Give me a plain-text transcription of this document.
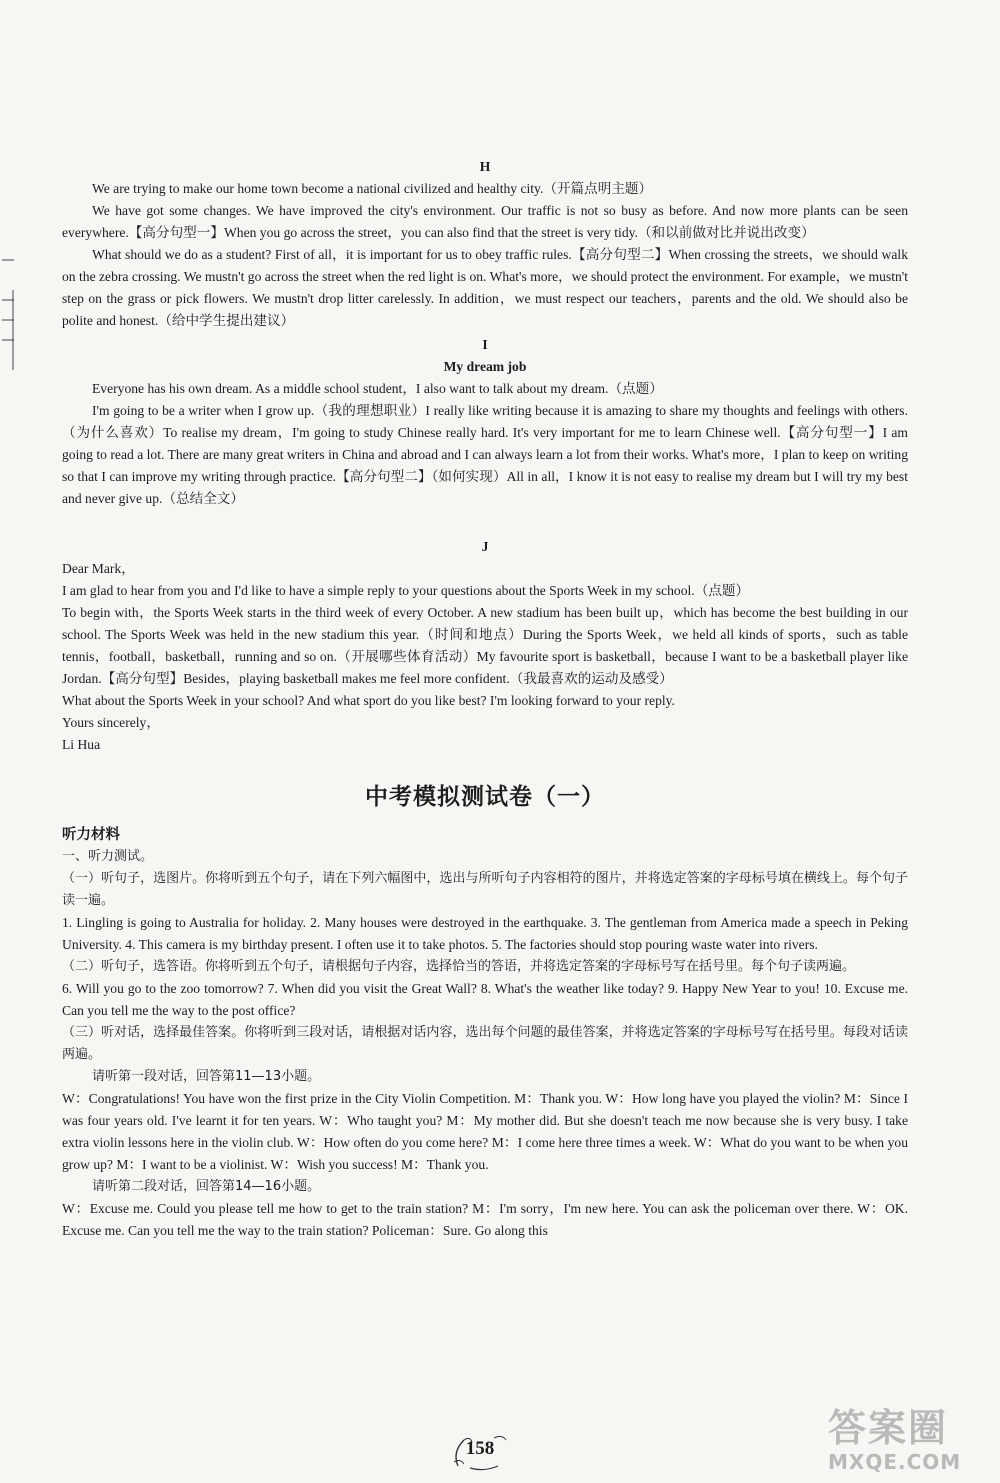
H

We are trying to make our home town become a national civilized and healthy city.（开篇点明主题）

We have got some changes. We have improved the city's environment. Our traffic is not so busy as before. And now more plants can be seen everywhere.【高分句型一】When you go across the street，you can also find that the street is very tidy.（和以前做对比并说出改变）

What should we do as a student? First of all，it is important for us to obey traffic rules.【高分句型二】When crossing the streets，we should walk on the zebra crossing. We mustn't go across the street when the red light is on. What's more，we should protect the environment. For example，we mustn't step on the grass or pick flowers. We mustn't drop litter carelessly. In addition，we must respect our teachers，parents and the old. We should also be polite and honest.（给中学生提出建议）

I

My dream job

Everyone has his own dream. As a middle school student，I also want to talk about my dream.（点题）

I'm going to be a writer when I grow up.（我的理想职业）I really like writing because it is amazing to share my thoughts and feelings with others.（为什么喜欢）To realise my dream，I'm going to study Chinese really hard. It's very important for me to learn Chinese well.【高分句型一】I am going to read a lot. There are many great writers in China and abroad and I can always learn a lot from their works. What's more，I plan to keep on writing so that I can improve my writing through practice.【高分句型二】（如何实现）All in all，I know it is not easy to realise my dream but I will try my best and never give up.（总结全文）

J

Dear Mark，

I am glad to hear from you and I'd like to have a simple reply to your questions about the Sports Week in my school.（点题）

To begin with，the Sports Week starts in the third week of every October. A new stadium has been built up，which has become the best building in our school. The Sports Week was held in the new stadium this year.（时间和地点）During the Sports Week，we held all kinds of sports，such as table tennis，football，basketball，running and so on.（开展哪些体育活动）My favourite sport is basketball，because I want to be a basketball player like Jordan.【高分句型】Besides，playing basketball makes me feel more confident.（我最喜欢的运动及感受）

What about the Sports Week in your school? And what sport do you like best? I'm looking forward to your reply.

Yours sincerely，

Li Hua

中考模拟测试卷（一）

听力材料

一、听力测试。

（一）听句子，选图片。你将听到五个句子，请在下列六幅图中，选出与所听句子内容相符的图片，并将选定答案的字母标号填在横线上。每个句子读一遍。

1. Lingling is going to Australia for holiday. 2. Many houses were destroyed in the earthquake. 3. The gentleman from America made a speech in Peking University. 4. This camera is my birthday present. I often use it to take photos. 5. The factories should stop pouring waste water into rivers.

（二）听句子，选答语。你将听到五个句子，请根据句子内容，选择恰当的答语，并将选定答案的字母标号写在括号里。每个句子读两遍。

6. Will you go to the zoo tomorrow? 7. When did you visit the Great Wall? 8. What's the weather like today? 9. Happy New Year to you! 10. Excuse me. Can you tell me the way to the post office?

（三）听对话，选择最佳答案。你将听到三段对话，请根据对话内容，选出每个问题的最佳答案，并将选定答案的字母标号写在括号里。每段对话读两遍。

请听第一段对话，回答第11—13小题。

W：Congratulations! You have won the first prize in the City Violin Competition. M：Thank you. W：How long have you played the violin? M：Since I was four years old. I've learnt it for ten years. W：Who taught you? M：My mother did. But she doesn't teach me now because she is very busy. I take extra violin lessons here in the violin club. W：How often do you come here? M：I come here three times a week. W：What do you want to be when you grow up? M：I want to be a violinist. W：Wish you success! M：Thank you.

请听第二段对话，回答第14—16小题。

W：Excuse me. Could you please tell me how to get to the train station? M：I'm sorry，I'm new here. You can ask the policeman over there. W：OK. Excuse me. Can you tell me the way to the train station? Policeman：Sure. Go along this

158	答案圈
MXQE.COM
